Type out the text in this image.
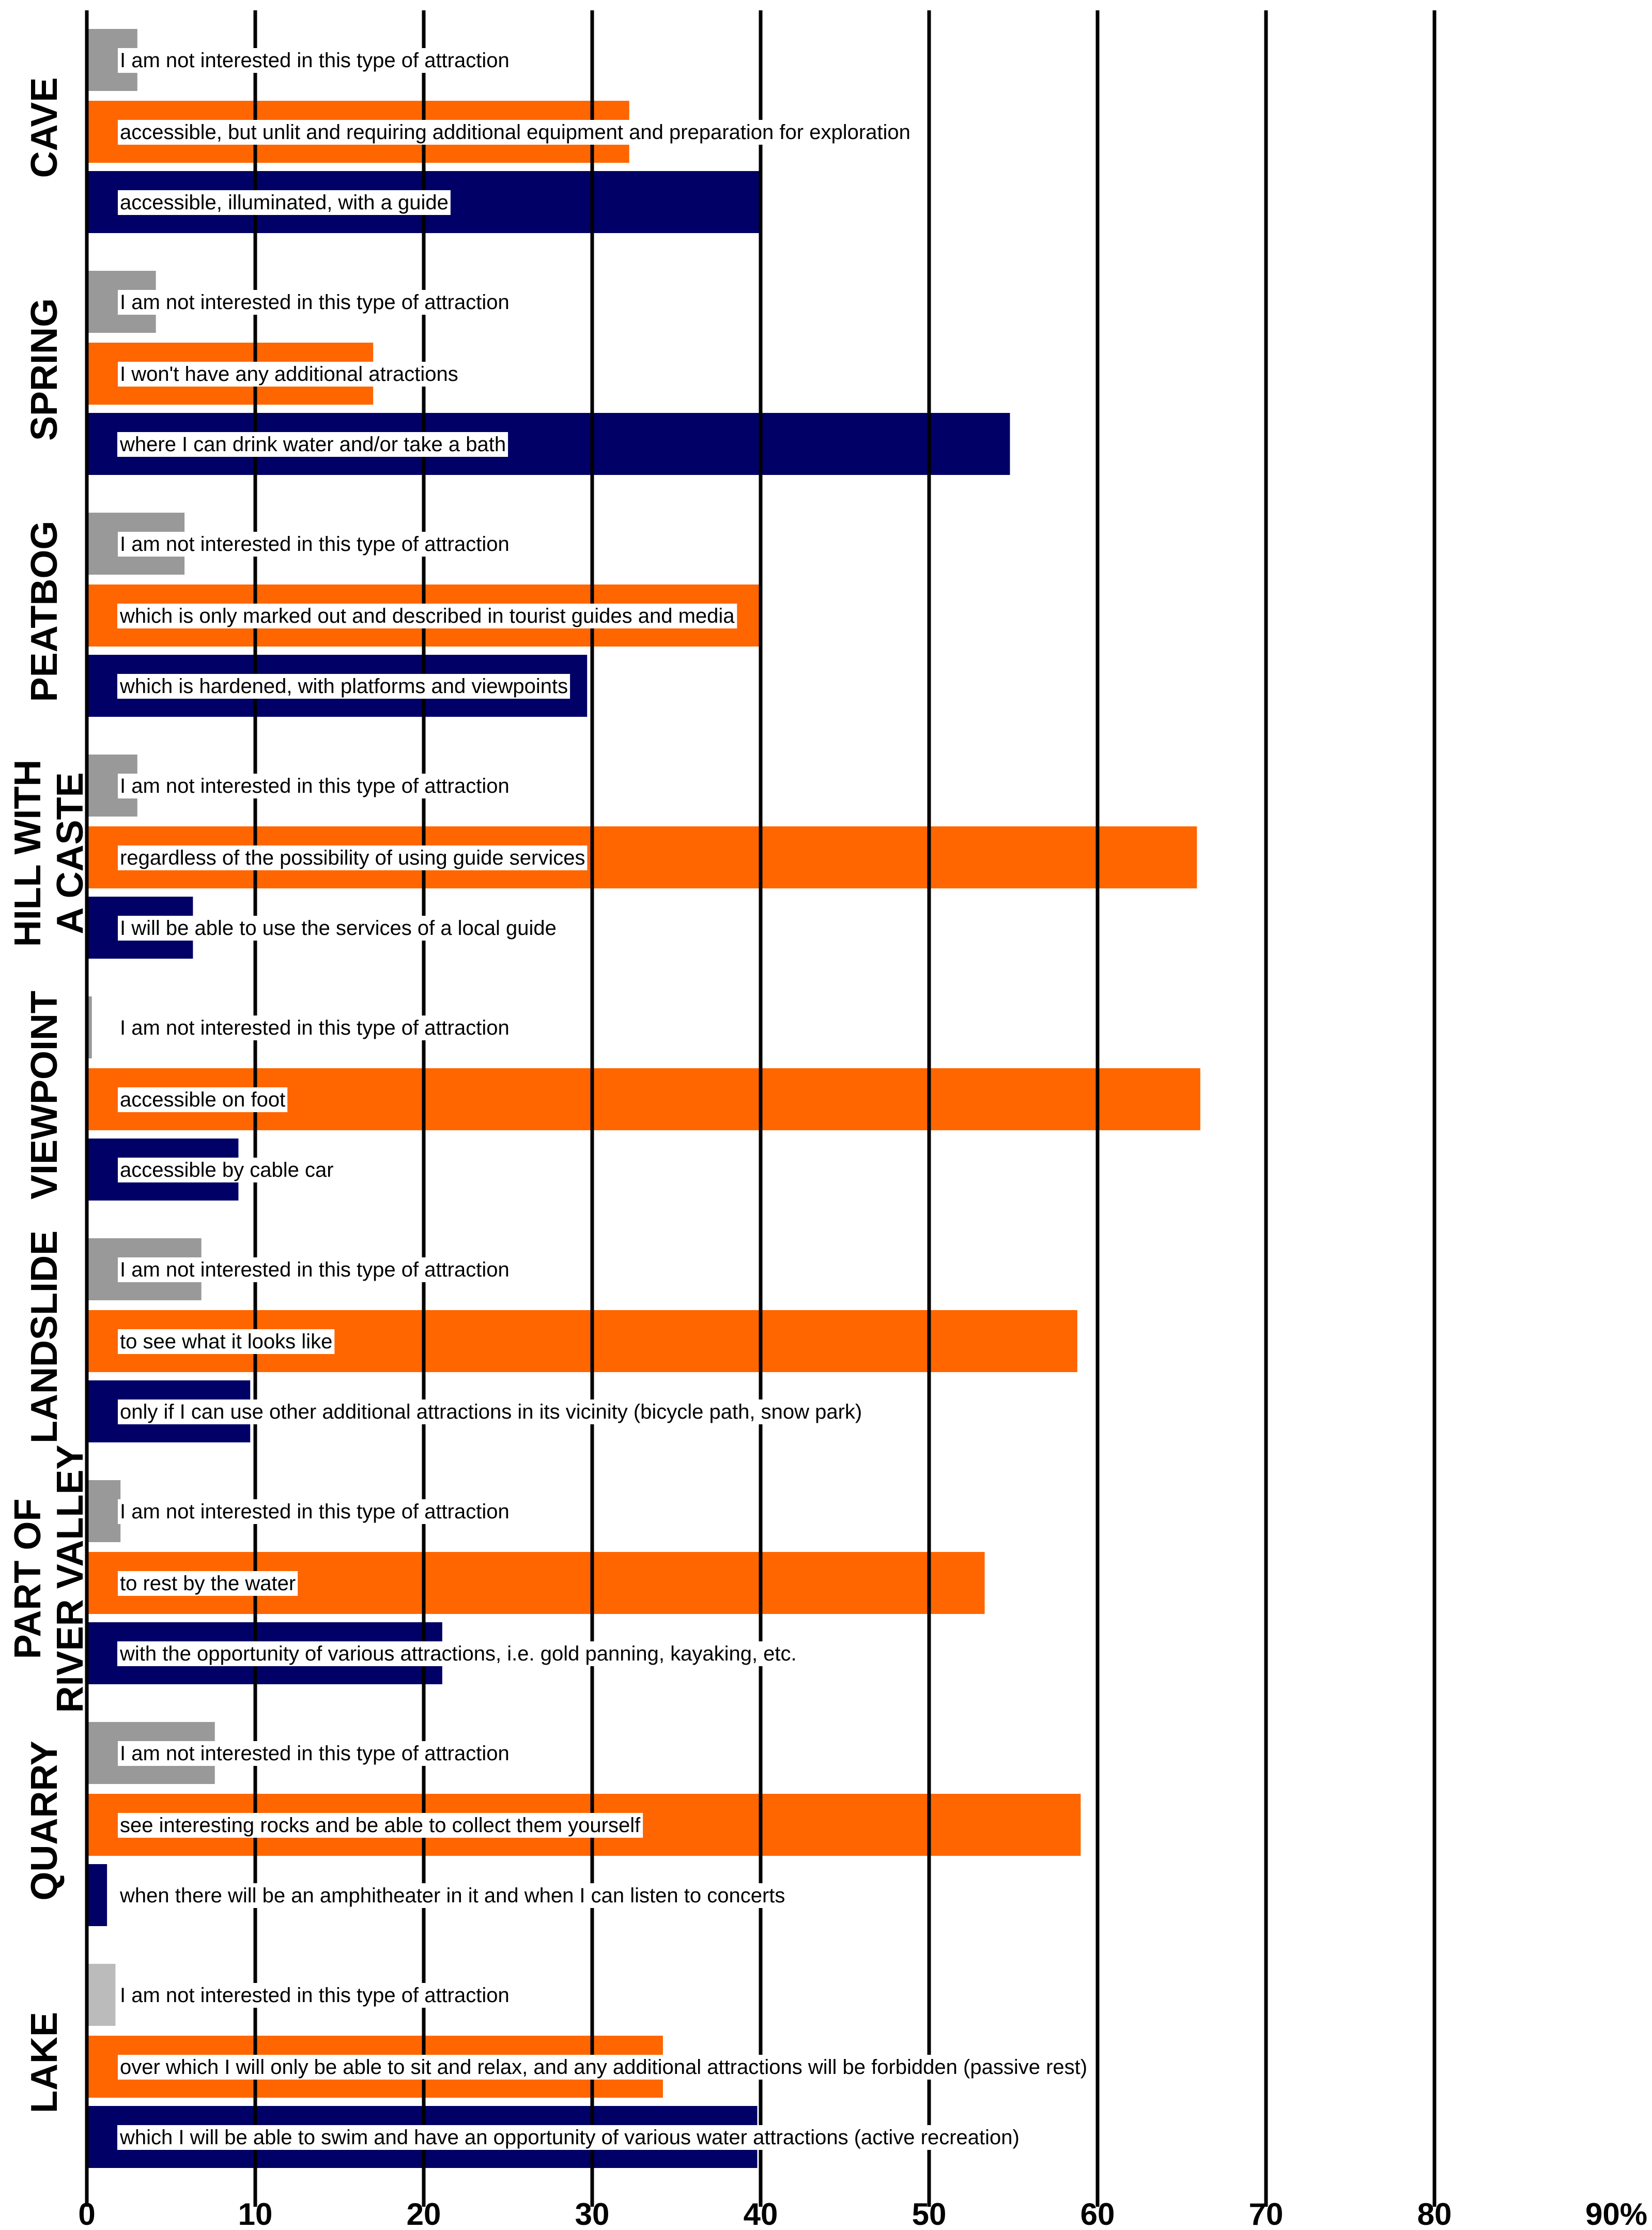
I am not interested in this type of attraction
accessible, but unlit and requiring additional equipment and preparation for exploration
accessible, illuminated, with a guide
I am not interested in this type of attraction
I won't have any additional atractions
where I can drink water and/or take a bath
I am not interested in this type of attraction
which is only marked out and described in tourist guides and media
which is hardened, with platforms and viewpoints
I am not interested in this type of attraction
regardless of the possibility of using guide services
I will be able to use the services of a local guide
I am not interested in this type of attraction
accessible on foot
accessible by cable car
I am not interested in this type of attraction
to see what it looks like
only if I can use other additional attractions in its vicinity (bicycle path, snow park)
I am not interested in this type of attraction
to rest by the water
with the opportunity of various attractions, i.e. gold panning, kayaking, etc.
I am not interested in this type of attraction
see interesting rocks and be able to collect them yourself
when there will be an amphitheater in it and when I can listen to concerts
I am not interested in this type of attraction
over which I will only be able to sit and relax, and any additional attractions will be forbidden (passive rest)
which I will be able to swim and have an opportunity of various water attractions (active recreation)
0	10	20	30	40	50	60	70	80	90%
CAVE
SPRING
PEATBOG
HILL WITHA CASTE
VIEWPOINT
LANDSLIDE
PART OFRIVER VALLEY
QUARRY
LAKE
